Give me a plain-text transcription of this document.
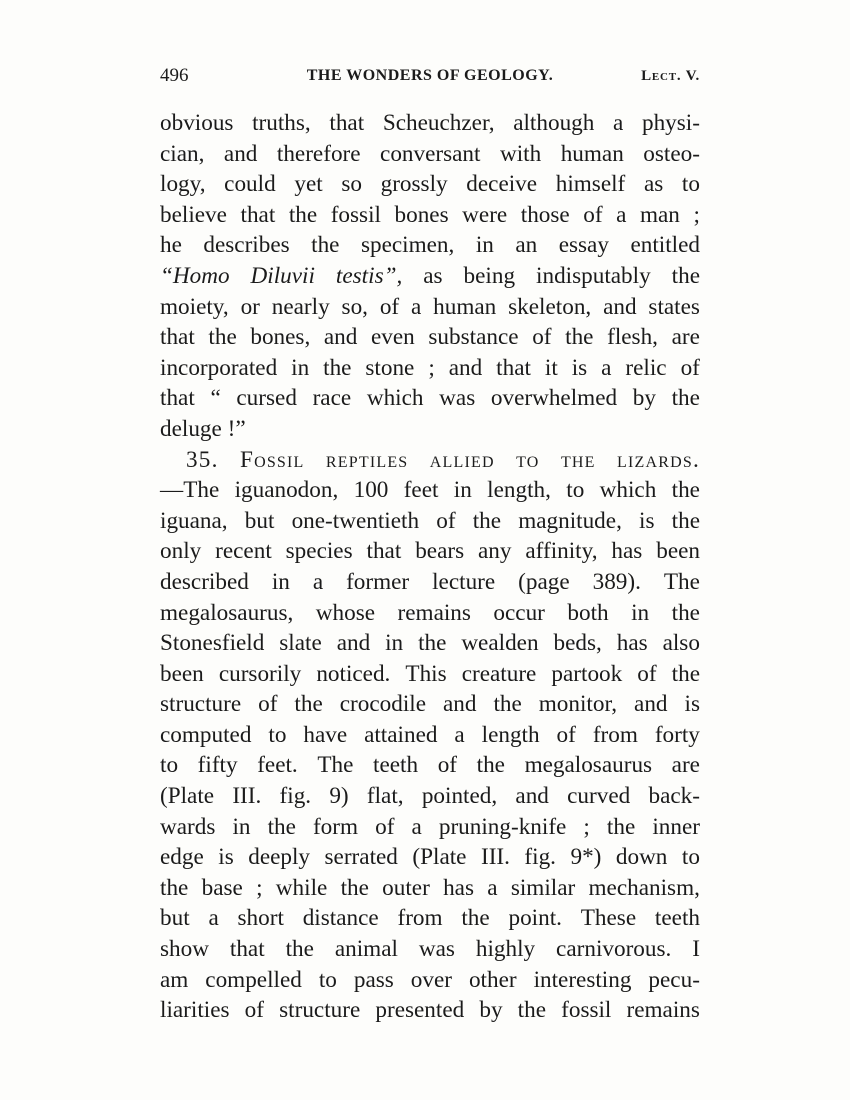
496	THE WONDERS OF GEOLOGY.	Lect. V.
obvious truths, that Scheuchzer, although a physi-
cian, and therefore conversant with human osteo-
logy, could yet so grossly deceive himself as to
believe that the fossil bones were those of a man ;
he describes the specimen, in an essay entitled
“Homo Diluvii testis”, as being indisputably the
moiety, or nearly so, of a human skeleton, and states
that the bones, and even substance of the flesh, are
incorporated in the stone ; and that it is a relic of
that “ cursed race which was overwhelmed by the
deluge
!”

35. Fossil reptiles allied to the lizards.
—The iguanodon, 100 feet in length, to which the
iguana, but one-twentieth of the magnitude, is the
only recent species that bears any affinity, has been
described in a former lecture (page 389). The
megalosaurus, whose remains occur both in the
Stonesfield slate and in the wealden beds, has also
been cursorily noticed. This creature partook of the
structure of the crocodile and the monitor, and is
computed to have attained a length of from forty
to fifty feet. The teeth of the megalosaurus are
(Plate III. fig. 9) flat, pointed, and curved back-
wards in the form of a pruning-knife ; the inner
edge is deeply serrated (Plate III. fig. 9*) down to
the base ; while the outer has a similar mechanism,
but a short distance from the point. These teeth
show that the animal was highly carnivorous. I
am compelled to pass over other interesting pecu-
liarities of structure presented by the fossil remains
